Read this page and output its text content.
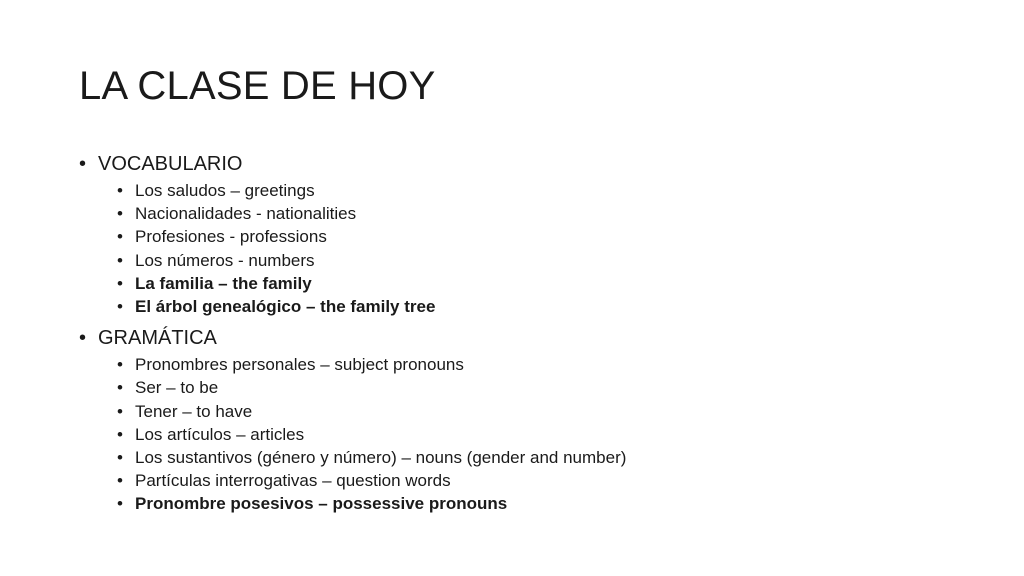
LA CLASE DE HOY
• VOCABULARIO
• Los saludos – greetings
• Nacionalidades - nationalities
• Profesiones - professions
• Los números - numbers
• La familia – the family
• El árbol genealógico – the family tree
• GRAMÁTICA
• Pronombres personales – subject pronouns
• Ser – to be
• Tener – to have
• Los artículos – articles
• Los sustantivos (género y número) – nouns (gender and number)
• Partículas interrogativas – question words
• Pronombre posesivos – possessive pronouns
